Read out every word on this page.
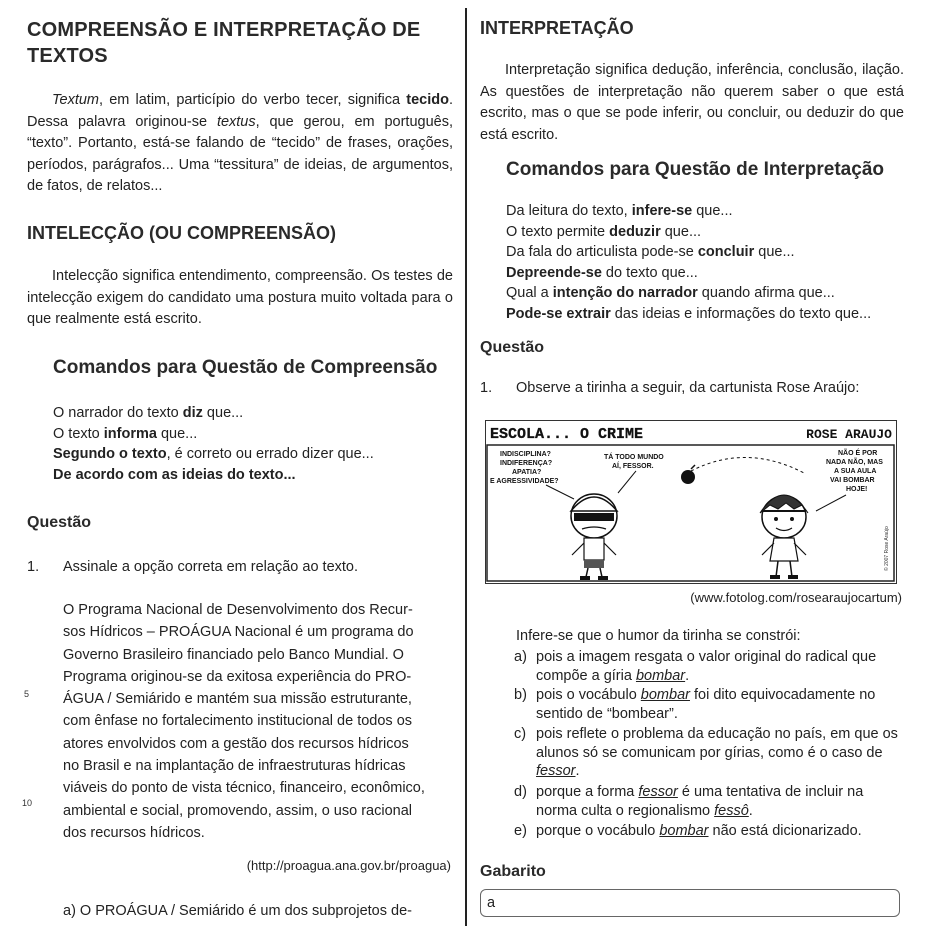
COMPREENSÃO E INTERPRETAÇÃO DE
TEXTOS

Textum, em latim, particípio do verbo tecer, significa tecido. Dessa palavra originou-se textus, que gerou, em português, “texto”. Portanto, está-se falando de “tecido” de frases, orações, períodos, parágrafos... Uma “tessitura” de ideias, de argumentos, de fatos, de relatos...

INTELECÇÃO (OU COMPREENSÃO)

Intelecção significa entendimento, compreensão. Os testes de intelecção exigem do candidato uma postura muito voltada para o que realmente está escrito.

Comandos para Questão de Compreensão
O narrador do texto diz que...
O texto informa que...
Segundo o texto, é correto ou errado dizer que...
De acordo com as ideias do texto...
Questão
1. Assinale a opção correta em relação ao texto.
O Programa Nacional de Desenvolvimento dos Recur-
sos Hídricos – PROÁGUA Nacional é um programa do
Governo Brasileiro financiado pelo Banco Mundial. O
Programa originou-se da exitosa experiência do PRO-
ÁGUA / Semiárido e mantém sua missão estruturante,
com ênfase no fortalecimento institucional de todos os
atores envolvidos com a gestão dos recursos hídricos
no Brasil e na implantação de infraestruturas hídricas
viáveis do ponto de vista técnico, financeiro, econômico,
ambiental e social, promovendo, assim, o uso racional
dos recursos hídricos.
5
10
(http://proagua.ana.gov.br/proagua)
a) O PROÁGUA / Semiárido é um dos subprojetos de-
INTERPRETAÇÃO

Interpretação significa dedução, inferência, conclusão, ilação. As questões de interpretação não querem saber o que está escrito, mas o que se pode inferir, ou concluir, ou deduzir do que está escrito.

Comandos para Questão de Interpretação
Da leitura do texto, infere-se que...
O texto permite deduzir que...
Da fala do articulista pode-se concluir que...
Depreende-se do texto que...
Qual a intenção do narrador quando afirma que...
Pode-se extrair das ideias e informações do texto que...
Questão
1. Observe a tirinha a seguir, da cartunista Rose Araújo:
(www.fotolog.com/rosearaujocartum)
Infere-se que o humor da tirinha se constrói:
a) pois a imagem resgata o valor original do radical que compõe a gíria bombar.
b) pois o vocábulo bombar foi dito equivocadamente no sentido de “bombear”.
c) pois reflete o problema da educação no país, em que os alunos só se comunicam por gírias, como é o caso de fessor.
d) porque a forma fessor é uma tentativa de incluir na norma culta o regionalismo fessô.
e) porque o vocábulo bombar não está dicionarizado.
Gabarito
a
ESCOLA... O CRIME	ROSE ARAUJO
INDISCIPLINA?
INDIFERENÇA?
APATIA?
E AGRESSIVIDADE?
TÁ TODO MUNDO
AÍ, FESSOR.
NÃO É POR
NADA NÃO, MAS
A SUA AULA
VAI BOMBAR
HOJE!
© 2007 Rose Araújo
